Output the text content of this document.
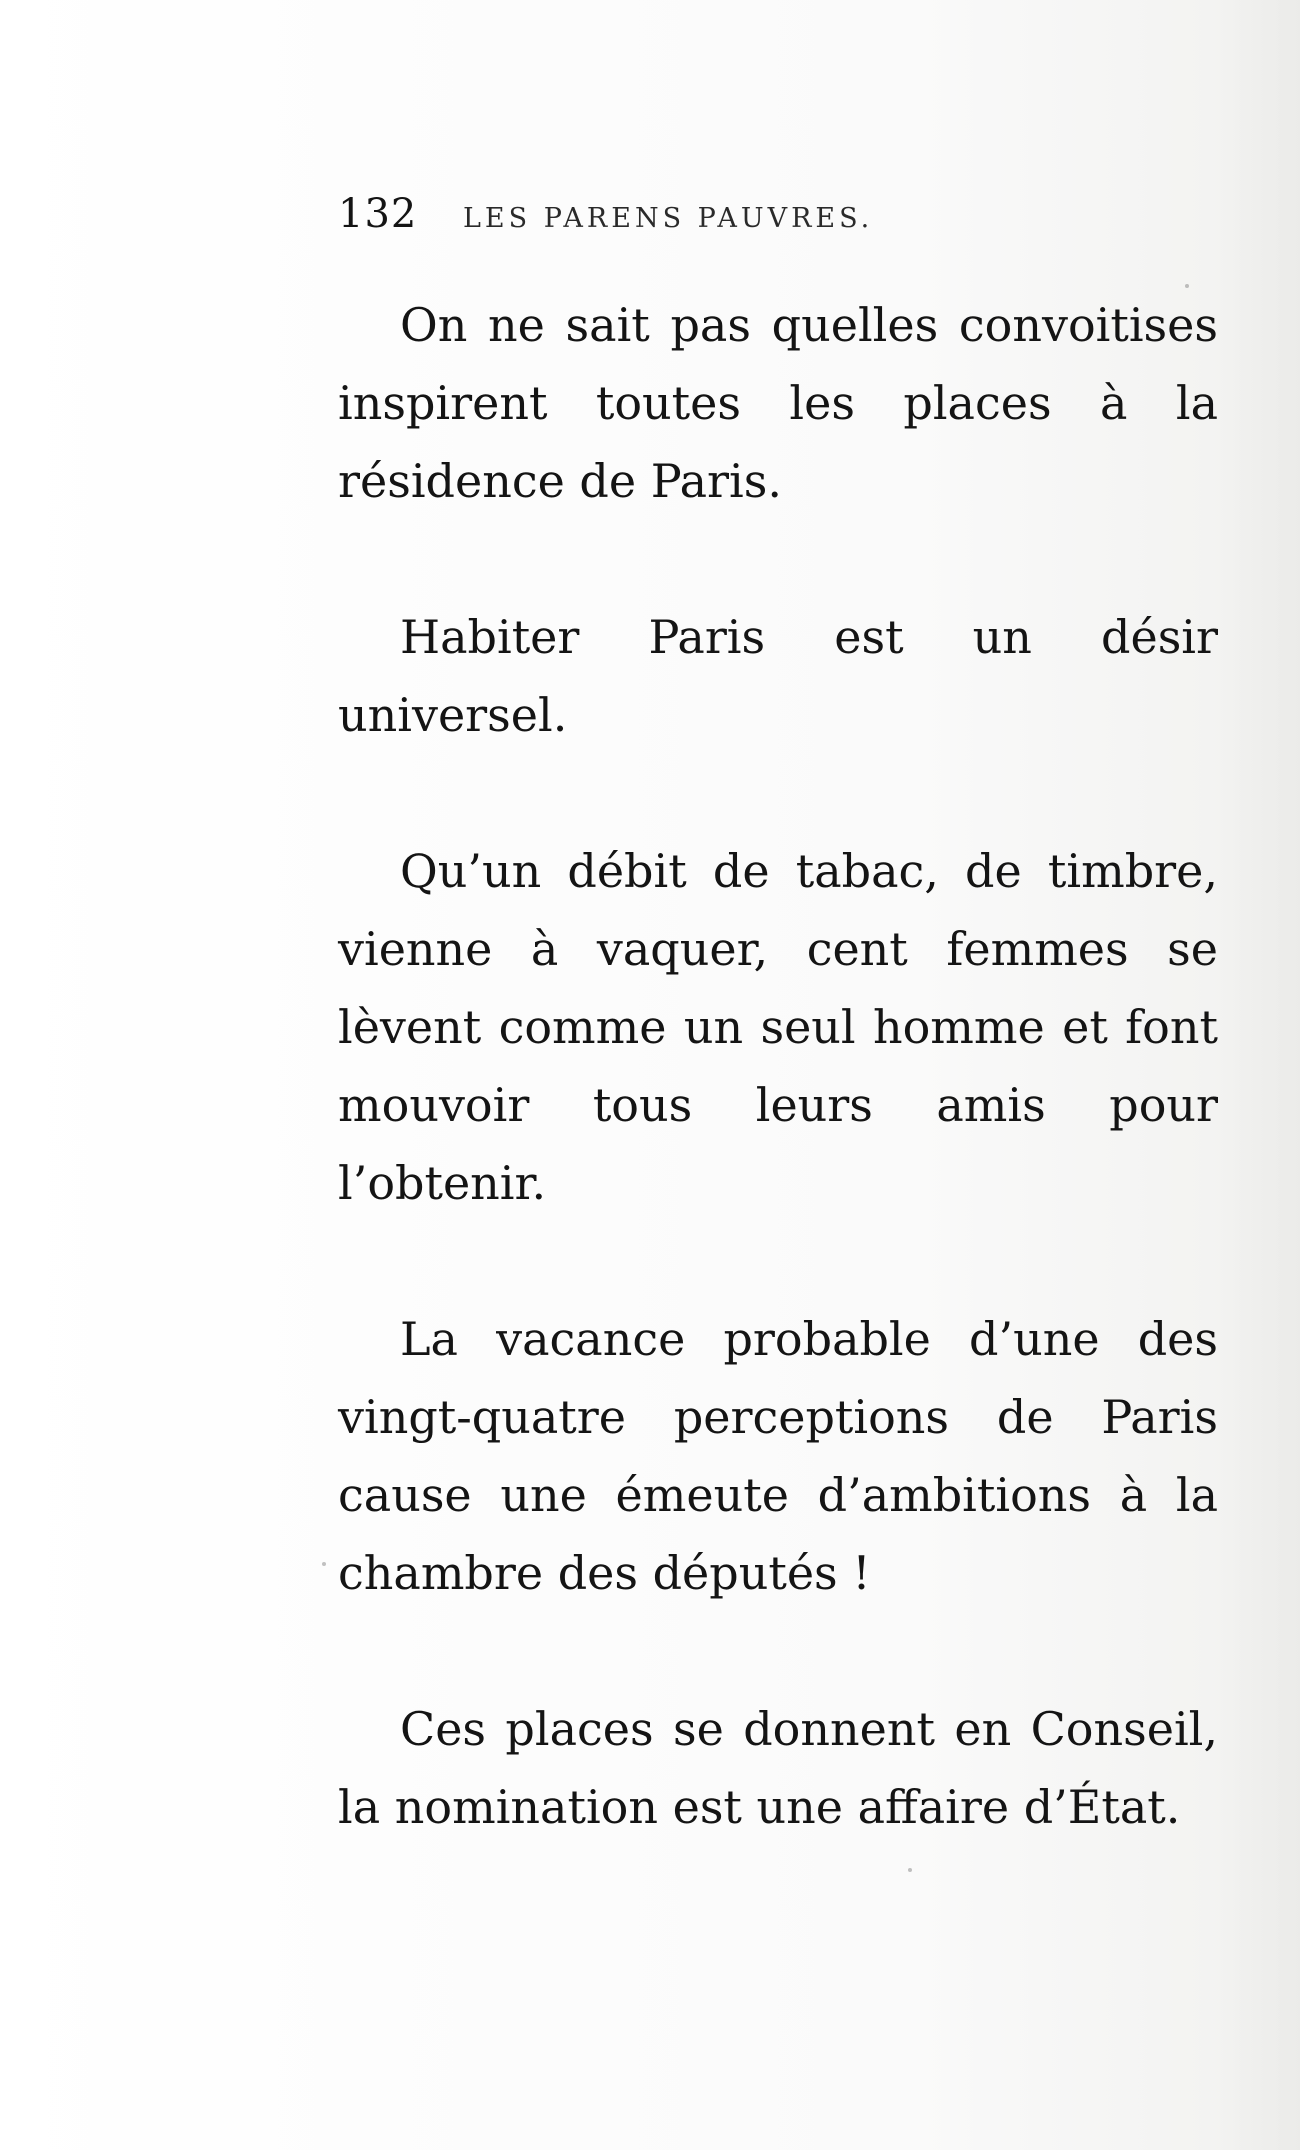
132	LES PARENS PAUVRES.

On ne sait pas quelles convoitises inspirent toutes les places à la résidence de Paris.

Habiter Paris est un désir universel.

Qu’un débit de tabac, de timbre, vienne à vaquer, cent femmes se lèvent comme un seul homme et font mouvoir tous leurs amis pour l’obtenir.

La vacance probable d’une des vingt-quatre perceptions de Paris cause une émeute d’ambitions à la chambre des députés !

Ces places se donnent en Conseil, la nomination est une affaire d’État.
